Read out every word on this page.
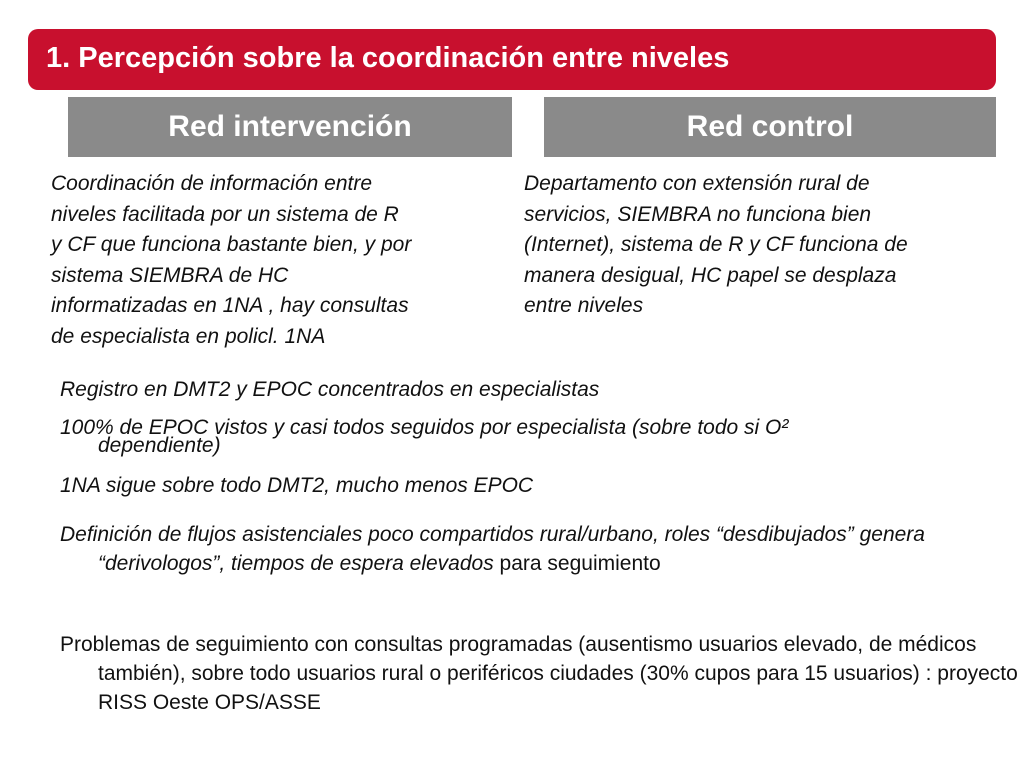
1. Percepción sobre la coordinación entre niveles
Red intervención	Red control
Coordinación de información entre
niveles facilitada por un sistema de R
y CF que funciona bastante bien, y por
sistema SIEMBRA de HC
informatizadas en 1NA , hay consultas
de especialista en policl. 1NA
Departamento con extensión rural de
servicios, SIEMBRA no funciona bien
(Internet), sistema de R y CF funciona de
manera desigual, HC papel se desplaza
entre niveles
Registro en DMT2 y EPOC concentrados en especialistas
100% de EPOC vistos y casi todos seguidos por especialista (sobre todo si O²
dependiente)
1NA sigue sobre todo DMT2, mucho menos EPOC
Definición de flujos asistenciales poco compartidos rural/urbano, roles “desdibujados” genera “derivologos”, tiempos de espera elevados para seguimiento
Problemas de seguimiento con consultas programadas (ausentismo usuarios elevado, de médicos también), sobre todo usuarios rural o periféricos ciudades (30% cupos para 15 usuarios) : proyecto RISS Oeste OPS/ASSE
